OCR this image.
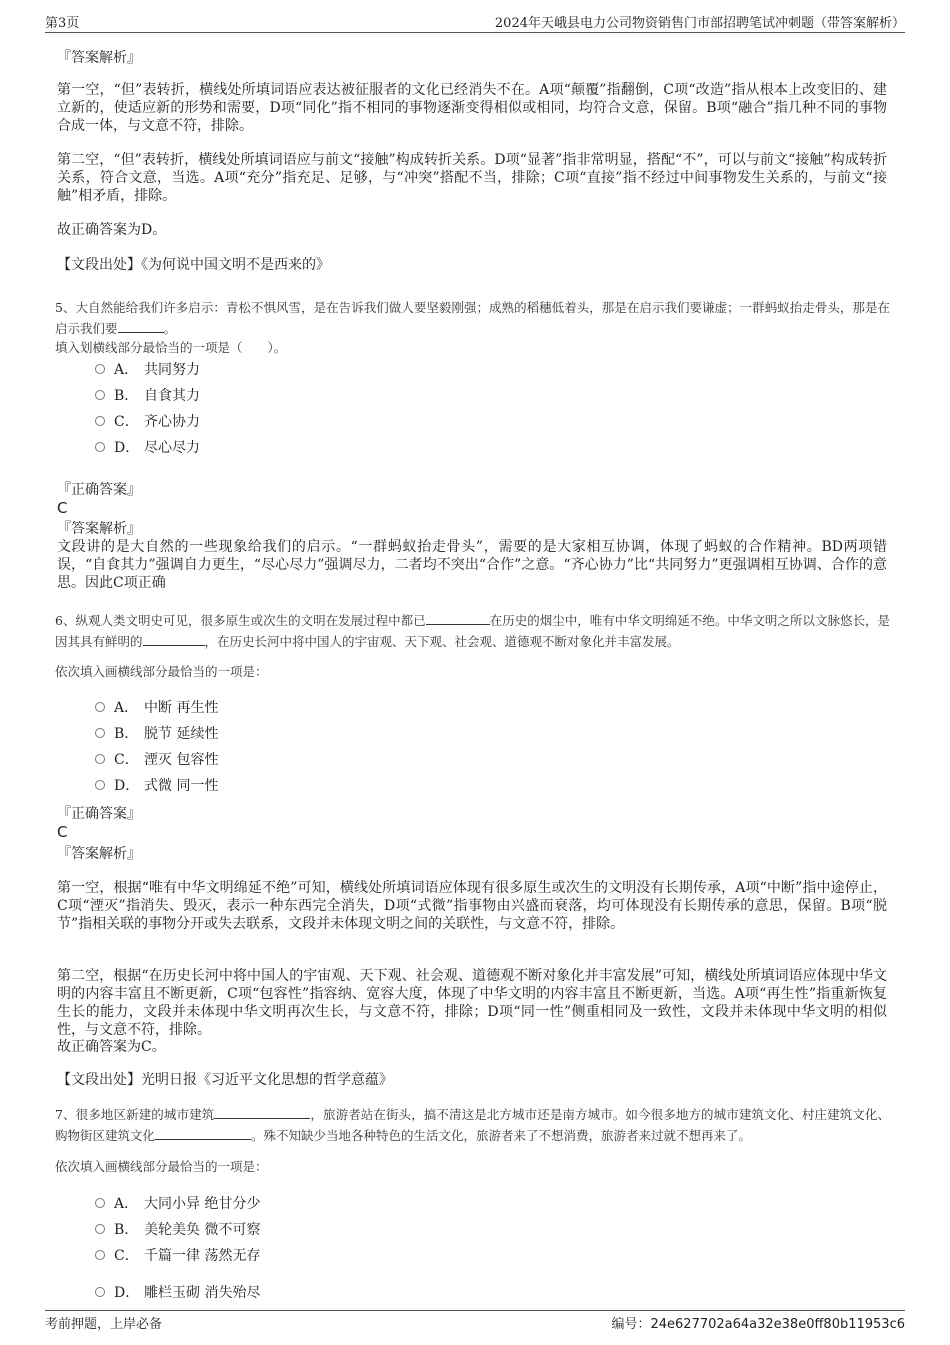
第3页	2024年天峨县电力公司物资销售门市部招聘笔试冲刺题（带答案解析）
『答案解析』
第一空，“但”表转折，横线处所填词语应表达被征服者的文化已经消失不在。A项“颠覆”指翻倒，C项“改造”指从根本上改变旧的、建立新的，使适应新的形势和需要，D项“同化”指不相同的事物逐渐变得相似或相同，均符合文意，保留。B项“融合”指几种不同的事物合成一体，与文意不符，排除。
第二空，“但”表转折，横线处所填词语应与前文“接触”构成转折关系。D项“显著”指非常明显，搭配“不”，可以与前文“接触”构成转折关系，符合文意，当选。A项“充分”指充足、足够，与“冲突”搭配不当，排除；C项“直接”指不经过中间事物发生关系的，与前文“接触”相矛盾，排除。
故正确答案为D。
【文段出处】《为何说中国文明不是西来的》
5、大自然能给我们许多启示：青松不惧风雪，是在告诉我们做人要坚毅刚强；成熟的稻穗低着头，那是在启示我们要谦虚；一群蚂蚁抬走骨头，那是在启示我们要	。
填入划横线部分最恰当的一项是（　　）。
A． 共同努力
B． 自食其力
C． 齐心协力
D． 尽心尽力
『正确答案』
C
『答案解析』
文段讲的是大自然的一些现象给我们的启示。“一群蚂蚁抬走骨头”，需要的是大家相互协调，体现了蚂蚁的合作精神。BD两项错误，“自食其力”强调自力更生，“尽心尽力”强调尽力，二者均不突出“合作”之意。“齐心协力”比“共同努力”更强调相互协调、合作的意思。因此C项正确
6、纵观人类文明史可见，很多原生或次生的文明在发展过程中都已	在历史的烟尘中，唯有中华文明绵延不绝。中华文明之所以文脉悠长，是因其具有鲜明的	，在历史长河中将中国人的宇宙观、天下观、社会观、道德观不断对象化并丰富发展。
依次填入画横线部分最恰当的一项是：
A． 中断 再生性
B． 脱节 延续性
C． 湮灭 包容性
D． 式微 同一性
『正确答案』
C
『答案解析』
第一空，根据“唯有中华文明绵延不绝”可知，横线处所填词语应体现有很多原生或次生的文明没有长期传承，A项“中断”指中途停止，C项“湮灭”指消失、毁灭，表示一种东西完全消失，D项“式微”指事物由兴盛而衰落，均可体现没有长期传承的意思，保留。B项“脱节”指相关联的事物分开或失去联系，文段并未体现文明之间的关联性，与文意不符，排除。
第二空，根据“在历史长河中将中国人的宇宙观、天下观、社会观、道德观不断对象化并丰富发展”可知，横线处所填词语应体现中华文明的内容丰富且不断更新，C项“包容性”指容纳、宽容大度，体现了中华文明的内容丰富且不断更新，当选。A项“再生性”指重新恢复生长的能力，文段并未体现中华文明再次生长，与文意不符，排除；D项“同一性”侧重相同及一致性，文段并未体现中华文明的相似性，与文意不符，排除。
故正确答案为C。
【文段出处】光明日报《习近平文化思想的哲学意蕴》
7、很多地区新建的城市建筑	，旅游者站在街头，搞不清这是北方城市还是南方城市。如今很多地方的城市建筑文化、村庄建筑文化、购物街区建筑文化	。殊不知缺少当地各种特色的生活文化，旅游者来了不想消费，旅游者来过就不想再来了。
依次填入画横线部分最恰当的一项是：
A． 大同小异 绝甘分少
B． 美轮美奂 微不可察
C． 千篇一律 荡然无存
D． 雕栏玉砌 消失殆尽
考前押题，上岸必备	编号：24e627702a64a32e38e0ff80b11953c6
